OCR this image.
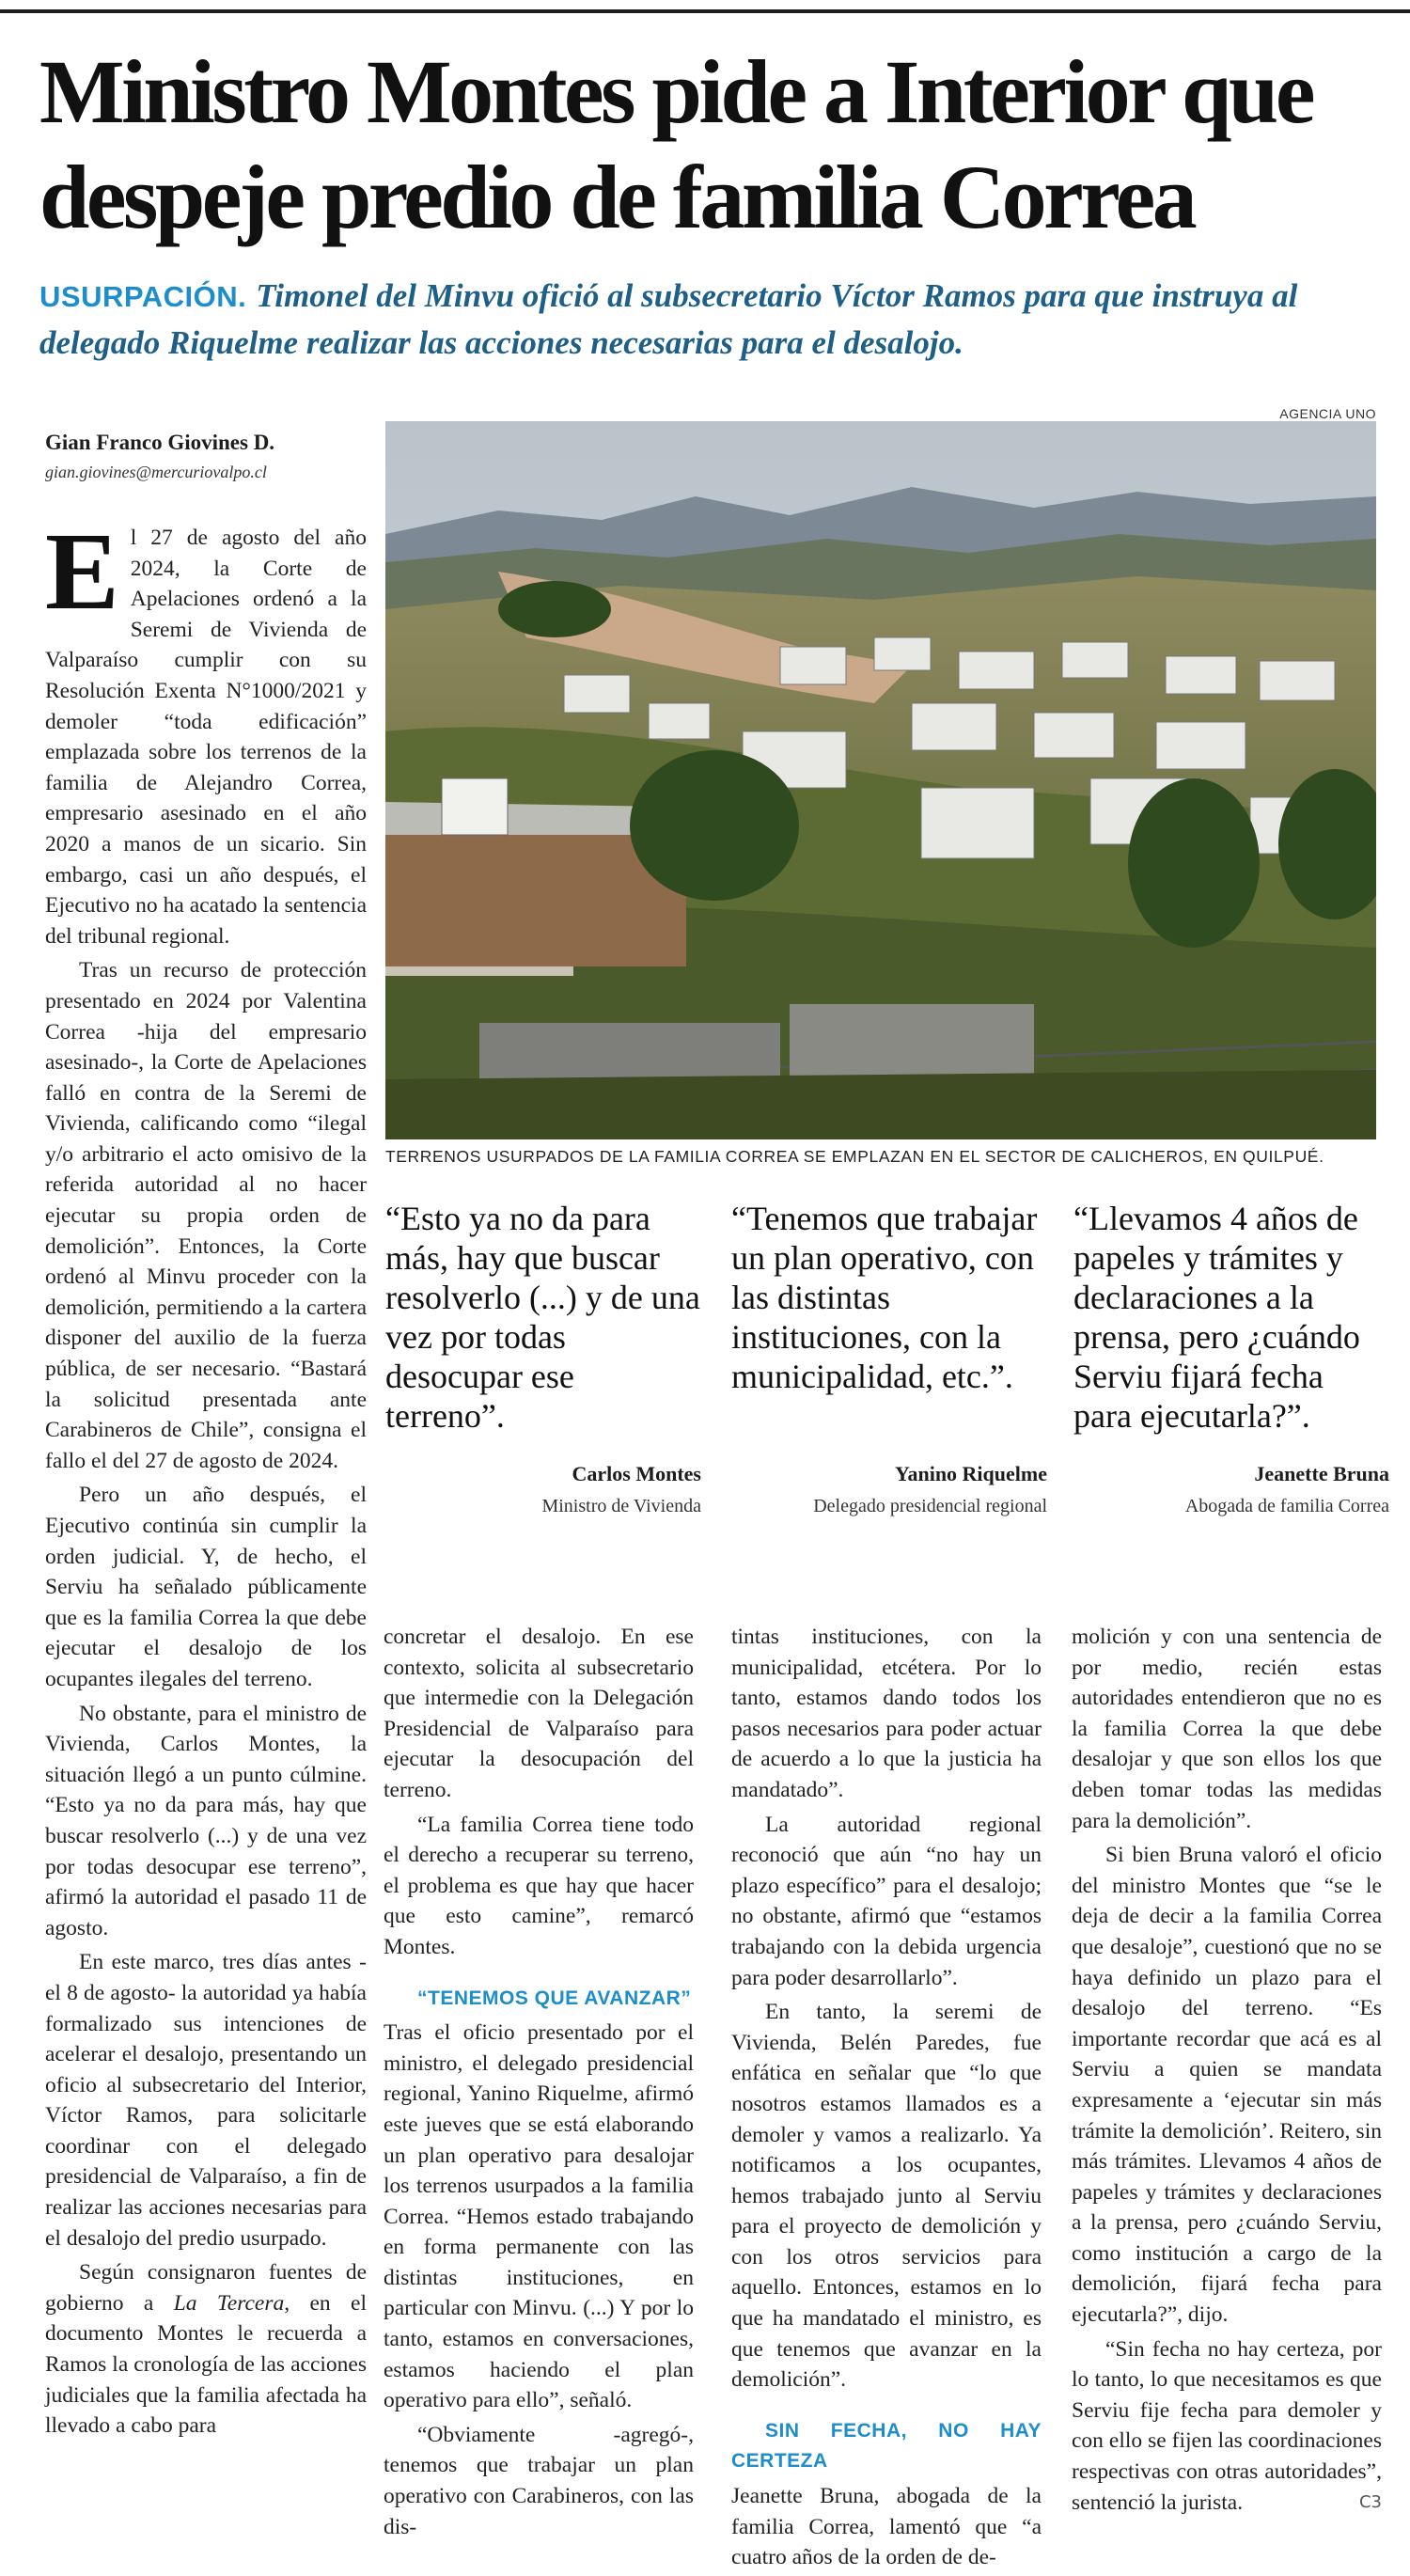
Ministro Montes pide a Interior que despeje predio de familia Correa
USURPACIÓN. Timonel del Minvu ofició al subsecretario Víctor Ramos para que instruya al delegado Riquelme realizar las acciones necesarias para el desalojo.
AGENCIA UNO
Gian Franco Giovines D.
gian.giovines@mercuriovalpo.cl
TERRENOS USURPADOS DE LA FAMILIA CORREA SE EMPLAZAN EN EL SECTOR DE CALICHEROS, EN QUILPUÉ.

El 27 de agosto del año 2024, la Corte de Apelaciones ordenó a la Seremi de Vivienda de Valparaíso cumplir con su Resolución Exenta N°1000/2021 y demoler “toda edificación” emplazada sobre los terrenos de la familia de Alejandro Correa, empresario asesinado en el año 2020 a manos de un sicario. Sin embargo, casi un año después, el Ejecutivo no ha acatado la sentencia del tribunal regional.

Tras un recurso de protección presentado en 2024 por Valentina Correa -hija del empresario asesinado-, la Corte de Apelaciones falló en contra de la Seremi de Vivienda, calificando como “ilegal y/o arbitrario el acto omisivo de la referida autoridad al no hacer ejecutar su propia orden de demolición”. Entonces, la Corte ordenó al Minvu proceder con la demolición, permitiendo a la cartera disponer del auxilio de la fuerza pública, de ser necesario. “Bastará la solicitud presentada ante Carabineros de Chile”, consigna el fallo el del 27 de agosto de 2024.

Pero un año después, el Ejecutivo continúa sin cumplir la orden judicial. Y, de hecho, el Serviu ha señalado públicamente que es la familia Correa la que debe ejecutar el desalojo de los ocupantes ilegales del terreno.

No obstante, para el ministro de Vivienda, Carlos Montes, la situación llegó a un punto cúlmine. “Esto ya no da para más, hay que buscar resolverlo (...) y de una vez por todas desocupar ese terreno”, afirmó la autoridad el pasado 11 de agosto.

En este marco, tres días antes -el 8 de agosto- la autoridad ya había formalizado sus intenciones de acelerar el desalojo, presentando un oficio al subsecretario del Interior, Víctor Ramos, para solicitarle coordinar con el delegado presidencial de Valparaíso, a fin de realizar las acciones necesarias para el desalojo del predio usurpado.

Según consignaron fuentes de gobierno a La Tercera, en el documento Montes le recuerda a Ramos la cronología de las acciones judiciales que la familia afectada ha llevado a cabo para

“Esto ya no da para más, hay que buscar resolverlo (...) y de una vez por todas desocupar ese terreno”.
Carlos Montes
Ministro de Vivienda
“Tenemos que trabajar un plan operativo, con las distintas instituciones, con la municipalidad, etc.”.
Yanino Riquelme
Delegado presidencial regional
“Llevamos 4 años de papeles y trámites y declaraciones a la prensa, pero ¿cuándo Serviu fijará fecha para ejecutarla?”.
Jeanette Bruna
Abogada de familia Correa

concretar el desalojo. En ese contexto, solicita al subsecretario que intermedie con la Delegación Presidencial de Valparaíso para ejecutar la desocupación del terreno.

“La familia Correa tiene todo el derecho a recuperar su terreno, el problema es que hay que hacer que esto camine”, remarcó Montes.

“TENEMOS QUE AVANZAR”

Tras el oficio presentado por el ministro, el delegado presidencial regional, Yanino Riquelme, afirmó este jueves que se está elaborando un plan operativo para desalojar los terrenos usurpados a la familia Correa. “Hemos estado trabajando en forma permanente con las distintas instituciones, en particular con Minvu. (...) Y por lo tanto, estamos en conversaciones, estamos haciendo el plan operativo para ello”, señaló.

“Obviamente -agregó-, tenemos que trabajar un plan operativo con Carabineros, con las dis-

tintas instituciones, con la municipalidad, etcétera. Por lo tanto, estamos dando todos los pasos necesarios para poder actuar de acuerdo a lo que la justicia ha mandatado”.

La autoridad regional reconoció que aún “no hay un plazo específico” para el desalojo; no obstante, afirmó que “estamos trabajando con la debida urgencia para poder desarrollarlo”.

En tanto, la seremi de Vivienda, Belén Paredes, fue enfática en señalar que “lo que nosotros estamos llamados es a demoler y vamos a realizarlo. Ya notificamos a los ocupantes, hemos trabajado junto al Serviu para el proyecto de demolición y con los otros servicios para aquello. Entonces, estamos en lo que ha mandatado el ministro, es que tenemos que avanzar en la demolición”.

SIN FECHA, NO HAY CERTEZA

Jeanette Bruna, abogada de la familia Correa, lamentó que “a cuatro años de la orden de de-

molición y con una sentencia de por medio, recién estas autoridades entendieron que no es la familia Correa la que debe desalojar y que son ellos los que deben tomar todas las medidas para la demolición”.

Si bien Bruna valoró el oficio del ministro Montes que “se le deja de decir a la familia Correa que desaloje”, cuestionó que no se haya definido un plazo para el desalojo del terreno. “Es importante recordar que acá es al Serviu a quien se mandata expresamente a ‘ejecutar sin más trámite la demolición’. Reitero, sin más trámites. Llevamos 4 años de papeles y trámites y declaraciones a la prensa, pero ¿cuándo Serviu, como institución a cargo de la demolición, fijará fecha para ejecutarla?”, dijo.

“Sin fecha no hay certeza, por lo tanto, lo que necesitamos es que Serviu fije fecha para demoler y con ello se fijen las coordinaciones respectivas con otras autoridades”, sentenció la jurista.	C3
